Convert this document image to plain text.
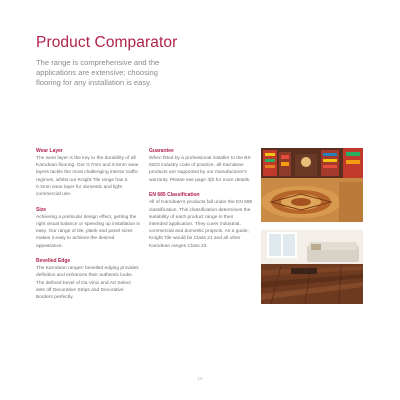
Product Comparator
The range is comprehensive and the applications are extensive; choosing flooring for any installation is easy.
Wear Layer
The wear layer is the key to the durability of all Karndean flooring. Our 0.7mm and 0.5mm wear layers tackle the most challenging interior traffic regimes, whilst our Knight Tile range has a 0.3mm wear layer for domestic and light commercial use.
Size
Achieving a particular design effect, getting the right visual balance or speeding up installation is easy. Our range of tile, plank and panel sizes makes it easy to achieve the desired appearance.
Bevelled Edge
The Karndean ranges' bevelled edging provides definition and enhances their authentic looks. The defined bevel of Da Vinci and Art Select sets off Decorative Strips and Decorative Borders perfectly.
Guarantee
When fitted by a professional installer to the BS 8203 industry code of practice, all Karndean products are supported by our manufacturer's warranty. Please see page 3(b for more details.
EN 685 Classification
All of Karndean's products fall under the EN 685 classification. This classification determines the suitability of each product range in their intended application. They cover industrial, commercial and domestic projects. As a guide, Knight Tile would be Class 21 and all other Karndean ranges Class 23.
10
